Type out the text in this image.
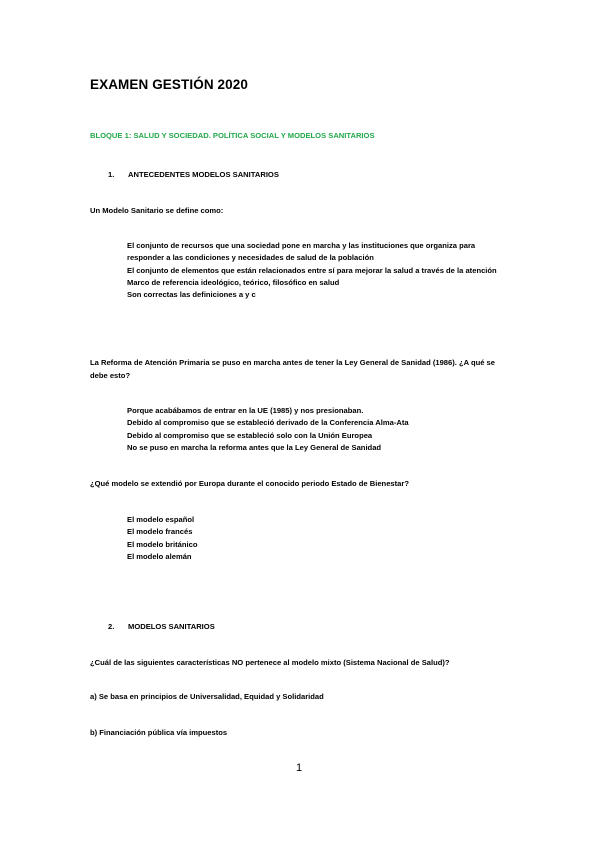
EXAMEN GESTIÓN 2020
BLOQUE 1: SALUD Y SOCIEDAD. POLÍTICA SOCIAL Y MODELOS SANITARIOS
1. ANTECEDENTES MODELOS SANITARIOS
Un Modelo Sanitario se define como:
El conjunto de recursos que una sociedad pone en marcha y las instituciones que organiza para
responder a las condiciones y necesidades de salud de la población
El conjunto de elementos que están relacionados entre sí para mejorar la salud a través de la atención
Marco de referencia ideológico, teórico, filosófico en salud
Son correctas las definiciones a y c
La Reforma de Atención Primaria se puso en marcha antes de tener la Ley General de Sanidad (1986). ¿A qué se debe esto?
Porque acabábamos de entrar en la UE (1985) y nos presionaban.
Debido al compromiso que se estableció derivado de la Conferencia Alma-Ata
Debido al compromiso que se estableció solo con la Unión Europea
No se puso en marcha la reforma antes que la Ley General de Sanidad
¿Qué modelo se extendió por Europa durante el conocido periodo Estado de Bienestar?
El modelo español
El modelo francés
El modelo británico
El modelo alemán
2. MODELOS SANITARIOS
¿Cuál de las siguientes características NO pertenece al modelo mixto (Sistema Nacional de Salud)?
a) Se basa en principios de Universalidad, Equidad y Solidaridad
b) Financiación pública vía impuestos
1
